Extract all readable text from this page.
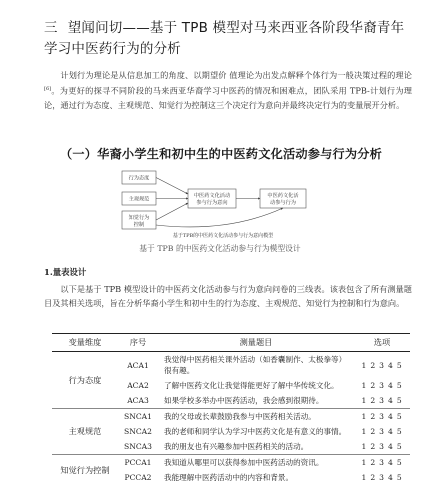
三 望闻问切——基于 TPB 模型对马来西亚各阶段华裔青年学习中医药行为的分析
计划行为理论是从信息加工的角度、以期望价 值理论为出发点解释个体行为一般决策过程的理论[6]。为更好的探寻不同阶段的马来西亚华裔学习中医药的情况和困难点，团队采用 TPB-计划行为理论，通过行为态度、主观规范、知觉行为控制这三个决定行为意向并最终决定行为的变量展开分析。
（一）华裔小学生和初中生的中医药文化活动参与行为分析
行为态度
主观规范
知觉行为
控制
中医药文化活动
参与行为意向
中医药文化活
动参与行为
基于TPB的中医药文化活动参与行为意向模型
基于 TPB 的中医药文化活动参与行为模型设计
1.量表设计
以下是基于 TPB 模型设计的中医药文化活动参与行为意向问卷的三线表。该表包含了所有测量题目及其相关选项，旨在分析华裔小学生和初中生的行为态度、主观规范、知觉行为控制和行为意向。
变量维度	序号	测量题目	选项
行为态度	ACA1	我觉得中医药相关课外活动（如香囊制作、太极拳等）很有趣。	1 2 3 4 5
	ACA2	了解中医药文化让我觉得能更好了解中华传统文化。	1 2 3 4 5
	ACA3	如果学校多举办中医药活动，我会感到很期待。	1 2 3 4 5
主观规范	SNCA1	我的父母或长辈鼓励我参与中医药相关活动。	1 2 3 4 5
	SNCA2	我的老师和同学认为学习中医药文化是有意义的事情。	1 2 3 4 5
	SNCA3	我的朋友也有兴趣参加中医药相关的活动。	1 2 3 4 5
知觉行为控制	PCCA1	我知道从哪里可以获得参加中医药活动的资讯。	1 2 3 4 5
	PCCA2	我能理解中医药活动中的内容和背景。	1 2 3 4 5
